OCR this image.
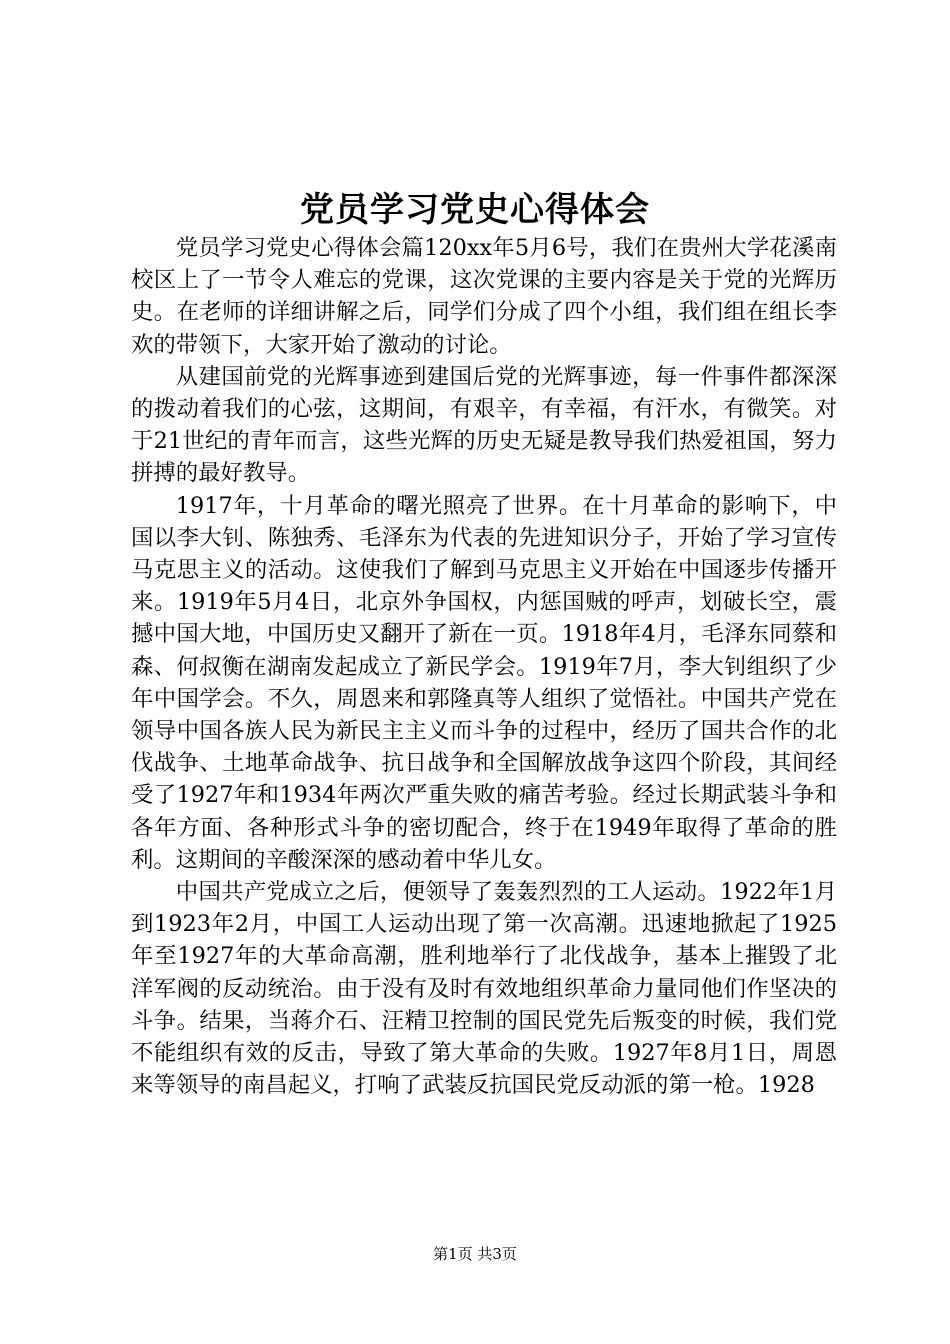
党员学习党史心得体会

党员学习党史心得体会篇120xx年5月6号，我们在贵州大学花溪南校区上了一节令人难忘的党课，这次党课的主要内容是关于党的光辉历史。在老师的详细讲解之后，同学们分成了四个小组，我们组在组长李欢的带领下，大家开始了激动的讨论。

从建国前党的光辉事迹到建国后党的光辉事迹，每一件事件都深深的拨动着我们的心弦，这期间，有艰辛，有幸福，有汗水，有微笑。对于21世纪的青年而言，这些光辉的历史无疑是教导我们热爱祖国，努力拼搏的最好教导。

1917年，十月革命的曙光照亮了世界。在十月革命的影响下，中国以李大钊、陈独秀、毛泽东为代表的先进知识分子，开始了学习宣传马克思主义的活动。这使我们了解到马克思主义开始在中国逐步传播开来。1919年5月4日，北京外争国权，内惩国贼的呼声，划破长空，震撼中国大地，中国历史又翻开了新在一页。1918年4月，毛泽东同蔡和森、何叔衡在湖南发起成立了新民学会。1919年7月，李大钊组织了少年中国学会。不久，周恩来和郭隆真等人组织了觉悟社。中国共产党在领导中国各族人民为新民主主义而斗争的过程中，经历了国共合作的北伐战争、土地革命战争、抗日战争和全国解放战争这四个阶段，其间经受了1927年和1934年两次严重失败的痛苦考验。经过长期武装斗争和各年方面、各种形式斗争的密切配合，终于在1949年取得了革命的胜利。这期间的辛酸深深的感动着中华儿女。

中国共产党成立之后，便领导了轰轰烈烈的工人运动。1922年1月到1923年2月，中国工人运动出现了第一次高潮。迅速地掀起了1925年至1927年的大革命高潮，胜利地举行了北伐战争，基本上摧毁了北洋军阀的反动统治。由于没有及时有效地组织革命力量同他们作坚决的斗争。结果，当蒋介石、汪精卫控制的国民党先后叛变的时候，我们党不能组织有效的反击，导致了第大革命的失败。1927年8月1日，周恩来等领导的南昌起义，打响了武装反抗国民党反动派的第一枪。1928

第1页 共3页
